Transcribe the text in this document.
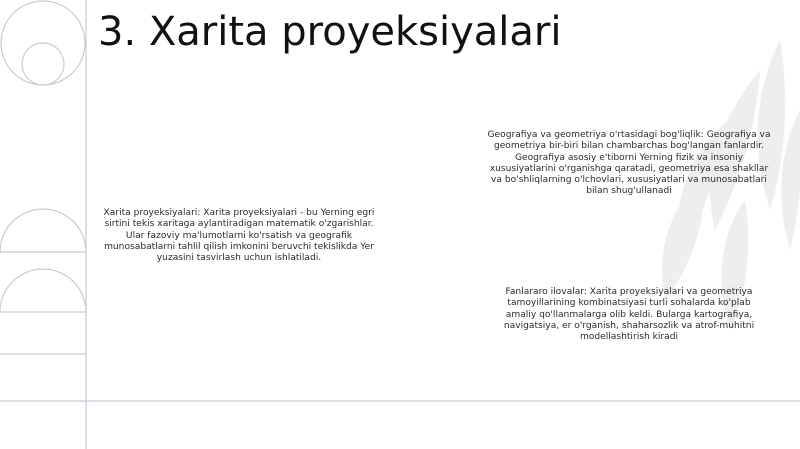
3. Xarita proyeksiyalari

Xarita proyeksiyalari: Xarita proyeksiyalari - bu Yerning egri sirtini tekis xaritaga aylantiradigan matematik o'zgarishlar. Ular fazoviy ma'lumotlarni ko'rsatish va geografik munosabatlarni tahlil qilish imkonini beruvchi tekislikda Yer yuzasini tasvirlash uchun ishlatiladi.

Geografiya va geometriya o'rtasidagi bog'liqlik: Geografiya va geometriya bir-biri bilan chambarchas bog'langan fanlardir. Geografiya asosiy e'tiborni Yerning fizik va insoniy xususiyatlarini o'rganishga qaratadi, geometriya esa shakllar va bo'shliqlarning o'lchovlari, xususiyatlari va munosabatlari bilan shug'ullanadi

Fanlararo ilovalar: Xarita proyeksiyalari va geometriya tamoyillarining kombinatsiyasi turli sohalarda ko'plab amaliy qo'llanmalarga olib keldi. Bularga kartografiya, navigatsiya, er o'rganish, shaharsozlik va atrof-muhitni modellashtirish kiradi
